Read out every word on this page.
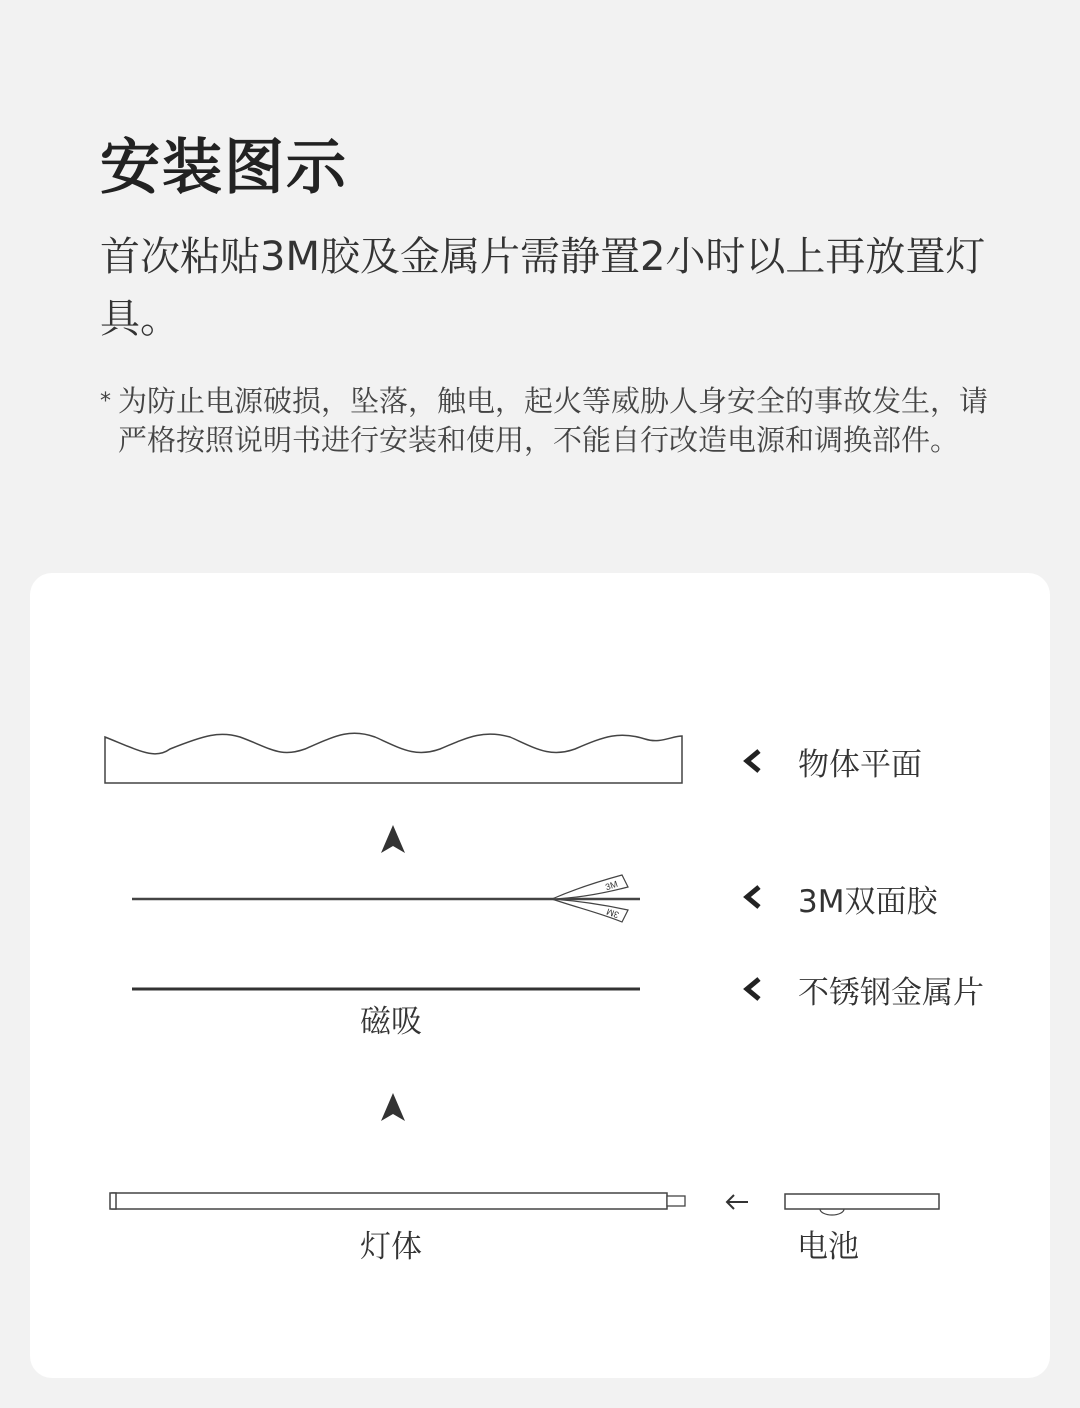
安装图示

首次粘贴3M胶及金属片需静置2小时以上再放置灯具。

* 为防止电源破损，坠落，触电，起火等威胁人身安全的事故发生，请严格按照说明书进行安装和使用，不能自行改造电源和调换部件。
3M
3M
物体平面
3M双面胶
不锈钢金属片
磁吸
灯体	电池
